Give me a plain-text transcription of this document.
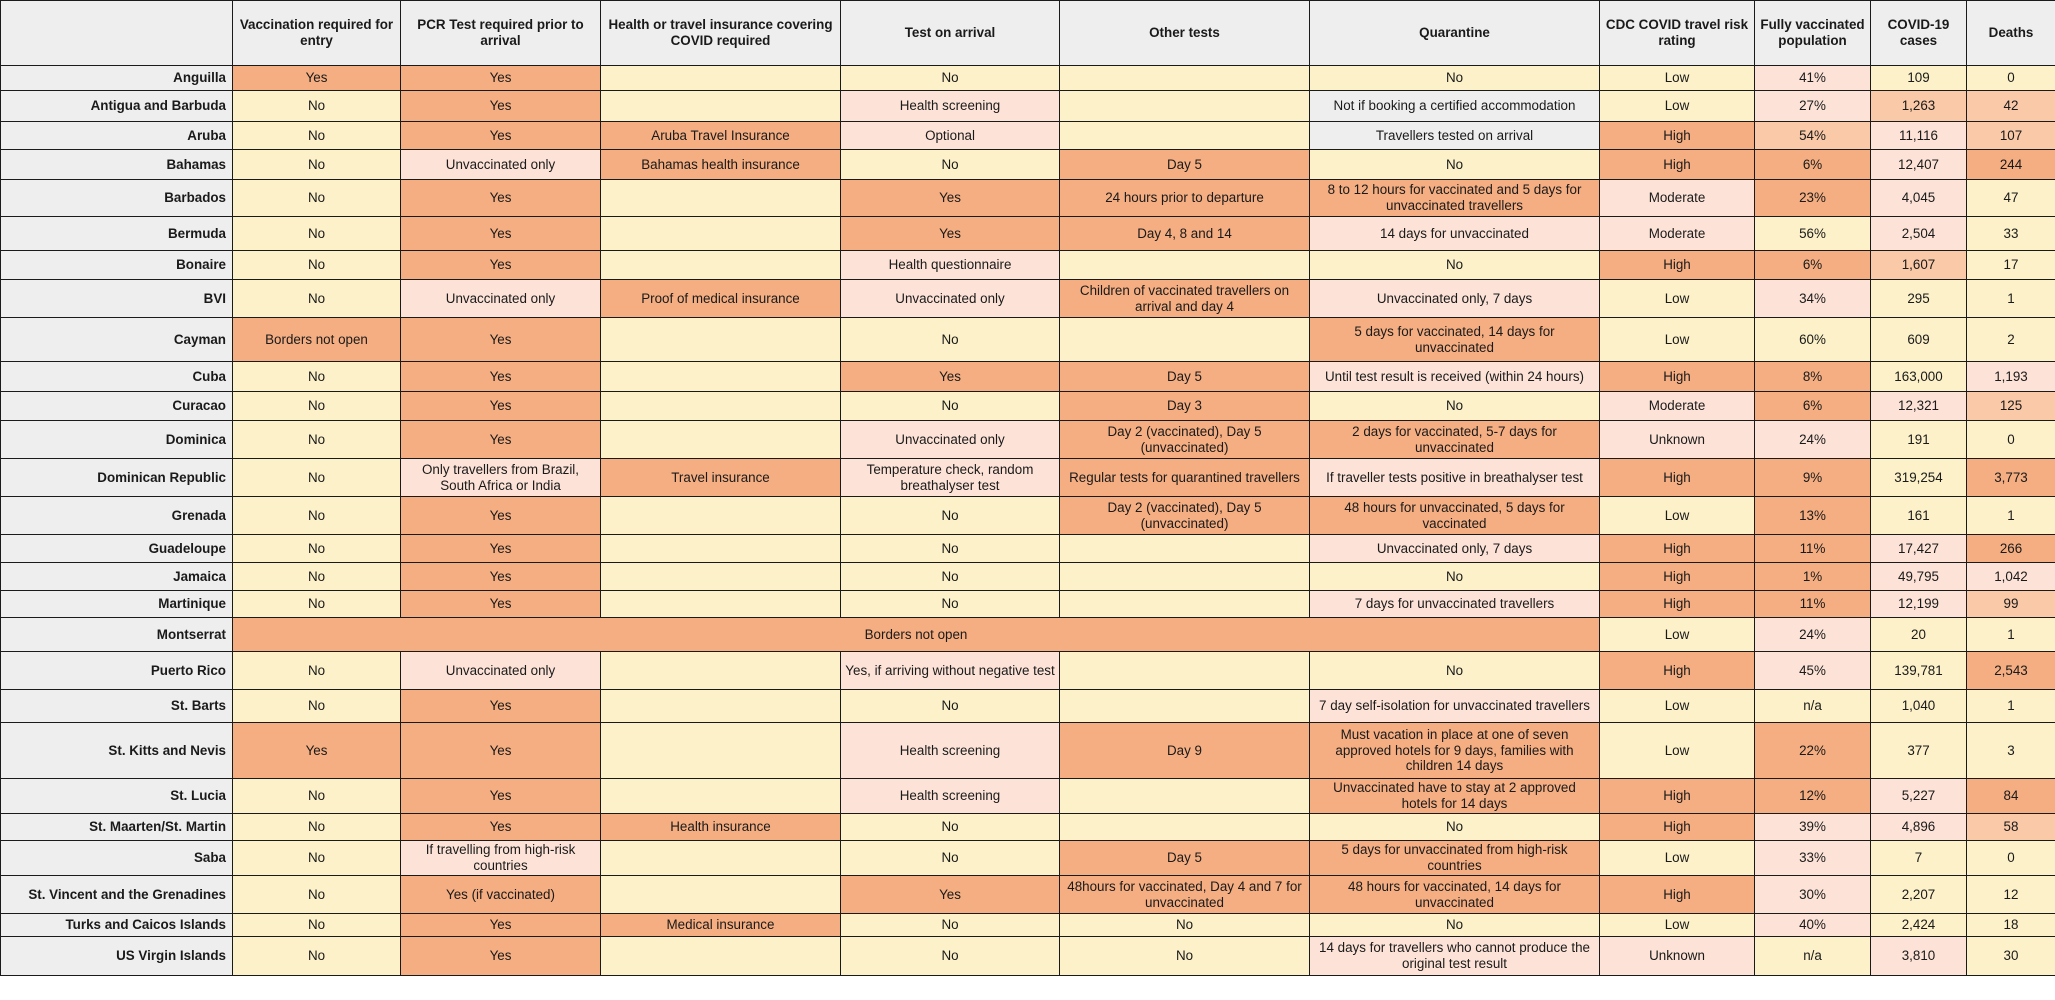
	Vaccination required for entry	PCR Test required prior to arrival	Health or travel insurance covering COVID required	Test on arrival	Other tests	Quarantine	CDC COVID travel risk rating	Fully vaccinated population	COVID-19 cases	Deaths
Anguilla	Yes	Yes		No		No	Low	41%	109	0
Antigua and Barbuda	No	Yes		Health screening		Not if booking a certified accommodation	Low	27%	1,263	42
Aruba	No	Yes	Aruba Travel Insurance	Optional		Travellers tested on arrival	High	54%	11,116	107
Bahamas	No	Unvaccinated only	Bahamas health insurance	No	Day 5	No	High	6%	12,407	244
Barbados	No	Yes		Yes	24 hours prior to departure	8 to 12 hours for vaccinated and 5 days for unvaccinated travellers	Moderate	23%	4,045	47
Bermuda	No	Yes		Yes	Day 4, 8 and 14	14 days for unvaccinated	Moderate	56%	2,504	33
Bonaire	No	Yes		Health questionnaire		No	High	6%	1,607	17
BVI	No	Unvaccinated only	Proof of medical insurance	Unvaccinated only	Children of vaccinated travellers on arrival and day 4	Unvaccinated only, 7 days	Low	34%	295	1
Cayman	Borders not open	Yes		No		5 days for vaccinated, 14 days for unvaccinated	Low	60%	609	2
Cuba	No	Yes		Yes	Day 5	Until test result is received (within 24 hours)	High	8%	163,000	1,193
Curacao	No	Yes		No	Day 3	No	Moderate	6%	12,321	125
Dominica	No	Yes		Unvaccinated only	Day 2 (vaccinated), Day 5 (unvaccinated)	2 days for vaccinated, 5-7 days for unvaccinated	Unknown	24%	191	0
Dominican Republic	No	Only travellers from Brazil, South Africa or India	Travel insurance	Temperature check, random breathalyser test	Regular tests for quarantined travellers	If traveller tests positive in breathalyser test	High	9%	319,254	3,773
Grenada	No	Yes		No	Day 2 (vaccinated), Day 5 (unvaccinated)	48 hours for unvaccinated, 5 days for vaccinated	Low	13%	161	1
Guadeloupe	No	Yes		No		Unvaccinated only, 7 days	High	11%	17,427	266
Jamaica	No	Yes		No		No	High	1%	49,795	1,042
Martinique	No	Yes		No		7 days for unvaccinated travellers	High	11%	12,199	99
Montserrat	Borders not open						Low	24%	20	1
Puerto Rico	No	Unvaccinated only		Yes, if arriving without negative test		No	High	45%	139,781	2,543
St. Barts	No	Yes		No		7 day self-isolation for unvaccinated travellers	Low	n/a	1,040	1
St. Kitts and Nevis	Yes	Yes		Health screening	Day 9	Must vacation in place at one of seven approved hotels for 9 days, families with children 14 days	Low	22%	377	3
St. Lucia	No	Yes		Health screening		Unvaccinated have to stay at 2 approved hotels for 14 days	High	12%	5,227	84
St. Maarten/St. Martin	No	Yes	Health insurance	No		No	High	39%	4,896	58
Saba	No	If travelling from high-risk countries		No	Day 5	5 days for unvaccinated from high-risk countries	Low	33%	7	0
St. Vincent and the Grenadines	No	Yes (if vaccinated)		Yes	48hours for vaccinated, Day 4 and 7 for unvaccinated	48 hours for vaccinated, 14 days for unvaccinated	High	30%	2,207	12
Turks and Caicos Islands	No	Yes	Medical insurance	No	No	No	Low	40%	2,424	18
US Virgin Islands	No	Yes		No	No	14 days for travellers who cannot produce the original test result	Unknown	n/a	3,810	30
